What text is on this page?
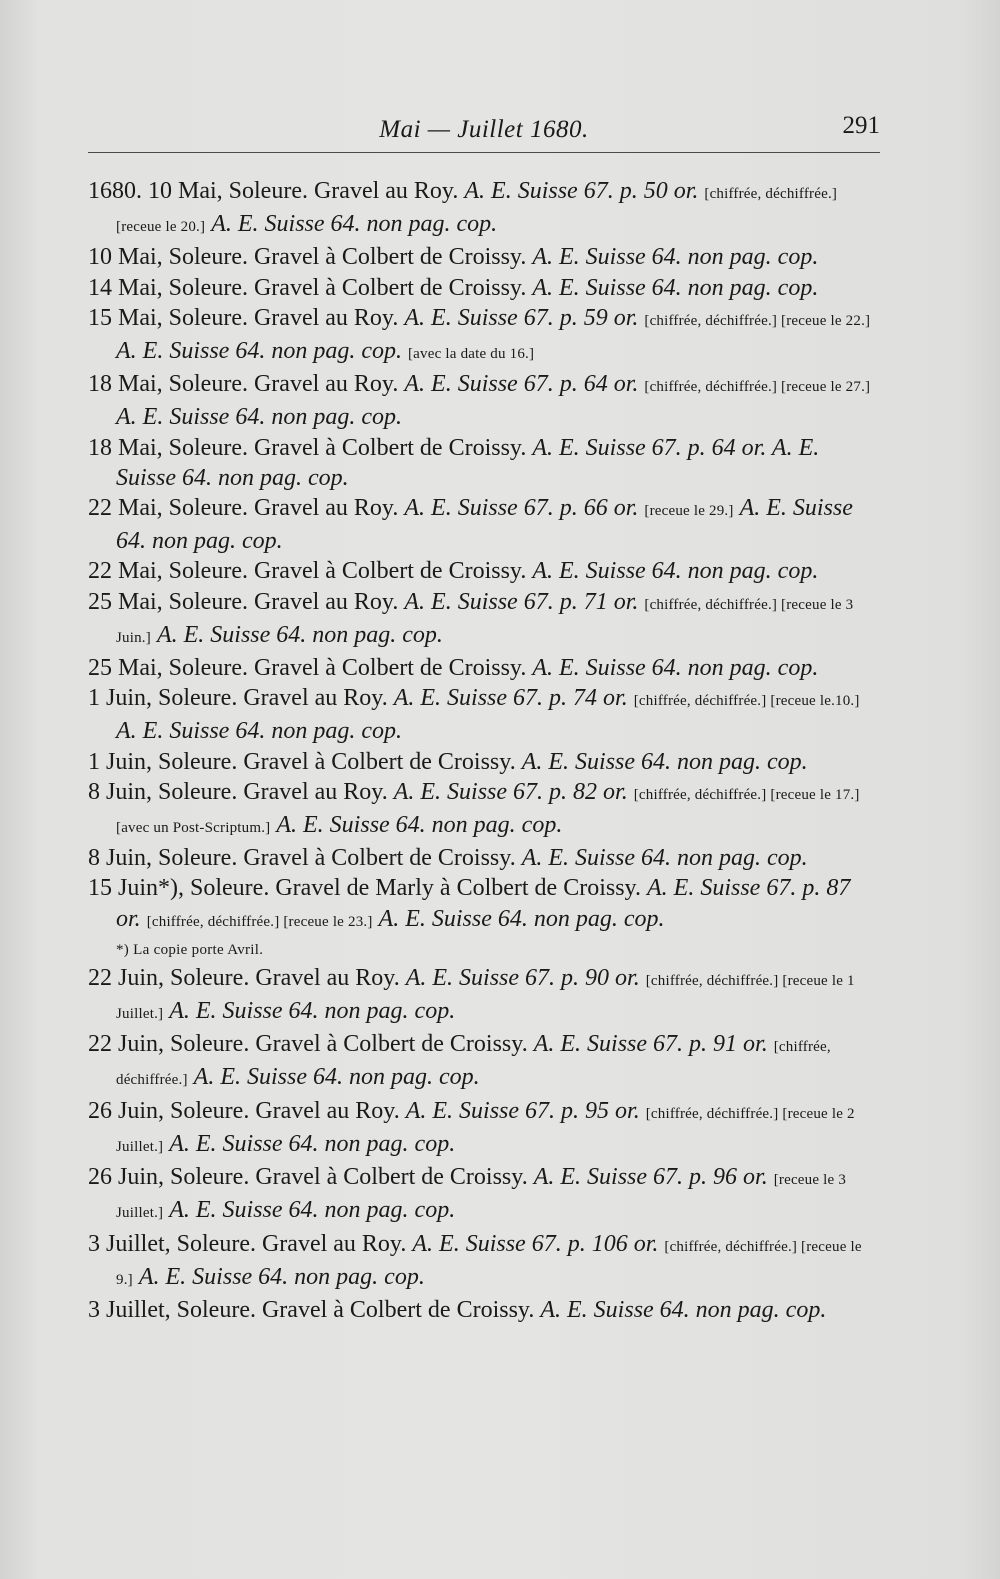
Mai — Juillet 1680.	291

1680. 10 Mai, Soleure. Gravel au Roy. A. E. Suisse 67. p. 50 or. [chiffrée, déchiffrée.] [receue le 20.] A. E. Suisse 64. non pag. cop.

10 Mai, Soleure. Gravel à Colbert de Croissy. A. E. Suisse 64. non pag. cop.

14 Mai, Soleure. Gravel à Colbert de Croissy. A. E. Suisse 64. non pag. cop.

15 Mai, Soleure. Gravel au Roy. A. E. Suisse 67. p. 59 or. [chiffrée, déchiffrée.] [receue le 22.] A. E. Suisse 64. non pag. cop. [avec la date du 16.]

18 Mai, Soleure. Gravel au Roy. A. E. Suisse 67. p. 64 or. [chiffrée, déchiffrée.] [receue le 27.] A. E. Suisse 64. non pag. cop.

18 Mai, Soleure. Gravel à Colbert de Croissy. A. E. Suisse 67. p. 64 or. A. E. Suisse 64. non pag. cop.

22 Mai, Soleure. Gravel au Roy. A. E. Suisse 67. p. 66 or. [receue le 29.] A. E. Suisse 64. non pag. cop.

22 Mai, Soleure. Gravel à Colbert de Croissy. A. E. Suisse 64. non pag. cop.

25 Mai, Soleure. Gravel au Roy. A. E. Suisse 67. p. 71 or. [chiffrée, déchiffrée.] [receue le 3 Juin.] A. E. Suisse 64. non pag. cop.

25 Mai, Soleure. Gravel à Colbert de Croissy. A. E. Suisse 64. non pag. cop.

1 Juin, Soleure. Gravel au Roy. A. E. Suisse 67. p. 74 or. [chiffrée, déchiffrée.] [receue le.10.] A. E. Suisse 64. non pag. cop.

1 Juin, Soleure. Gravel à Colbert de Croissy. A. E. Suisse 64. non pag. cop.

8 Juin, Soleure. Gravel au Roy. A. E. Suisse 67. p. 82 or. [chiffrée, déchiffrée.] [receue le 17.] [avec un Post-Scriptum.] A. E. Suisse 64. non pag. cop.

8 Juin, Soleure. Gravel à Colbert de Croissy. A. E. Suisse 64. non pag. cop.

15 Juin*), Soleure. Gravel de Marly à Colbert de Croissy. A. E. Suisse 67. p. 87 or. [chiffrée, déchiffrée.] [receue le 23.] A. E. Suisse 64. non pag. cop.

*) La copie porte Avril.

22 Juin, Soleure. Gravel au Roy. A. E. Suisse 67. p. 90 or. [chiffrée, déchiffrée.] [receue le 1 Juillet.] A. E. Suisse 64. non pag. cop.

22 Juin, Soleure. Gravel à Colbert de Croissy. A. E. Suisse 67. p. 91 or. [chiffrée, déchiffrée.] A. E. Suisse 64. non pag. cop.

26 Juin, Soleure. Gravel au Roy. A. E. Suisse 67. p. 95 or. [chiffrée, déchiffrée.] [receue le 2 Juillet.] A. E. Suisse 64. non pag. cop.

26 Juin, Soleure. Gravel à Colbert de Croissy. A. E. Suisse 67. p. 96 or. [receue le 3 Juillet.] A. E. Suisse 64. non pag. cop.

3 Juillet, Soleure. Gravel au Roy. A. E. Suisse 67. p. 106 or. [chiffrée, déchiffrée.] [receue le 9.] A. E. Suisse 64. non pag. cop.

3 Juillet, Soleure. Gravel à Colbert de Croissy. A. E. Suisse 64. non pag. cop.
